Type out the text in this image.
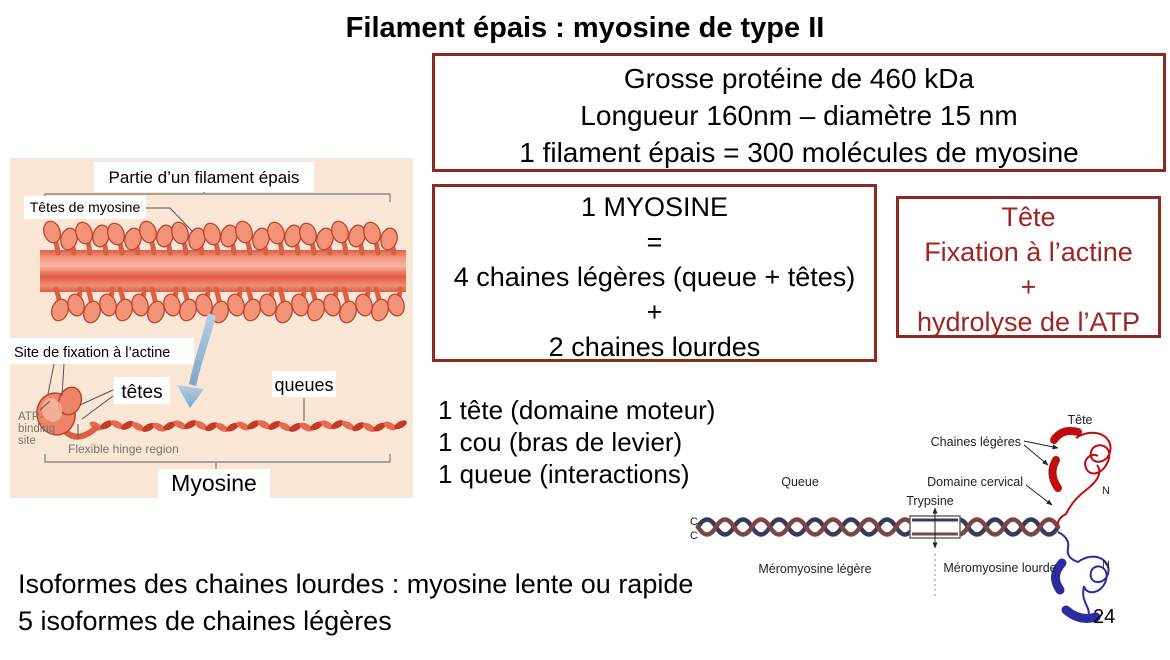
Filament épais : myosine de type II
Grosse protéine de 460 kDa
Longueur 160nm – diamètre 15 nm
1 filament épais = 300 molécules de myosine
1 MYOSINE
=
4 chaines légères (queue + têtes)
+
2 chaines lourdes
Tête
Fixation à l’actine
+
hydrolyse de l’ATP
Partie d’un filament épais
Têtes de myosine
Site de fixation à l’actine
têtes	queues
ATP-
binding
site
Flexible hinge region
Myosine
1 tête (domaine moteur)
1 cou (bras de levier)
1 queue (interactions)
Tête
Chaines légères
Queue	Domaine cervical
Trypsine
Méromyosine légère	Méromyosine lourde
N
N
C
C
Isoformes des chaines lourdes : myosine lente ou rapide
5 isoformes de chaines légères	24
